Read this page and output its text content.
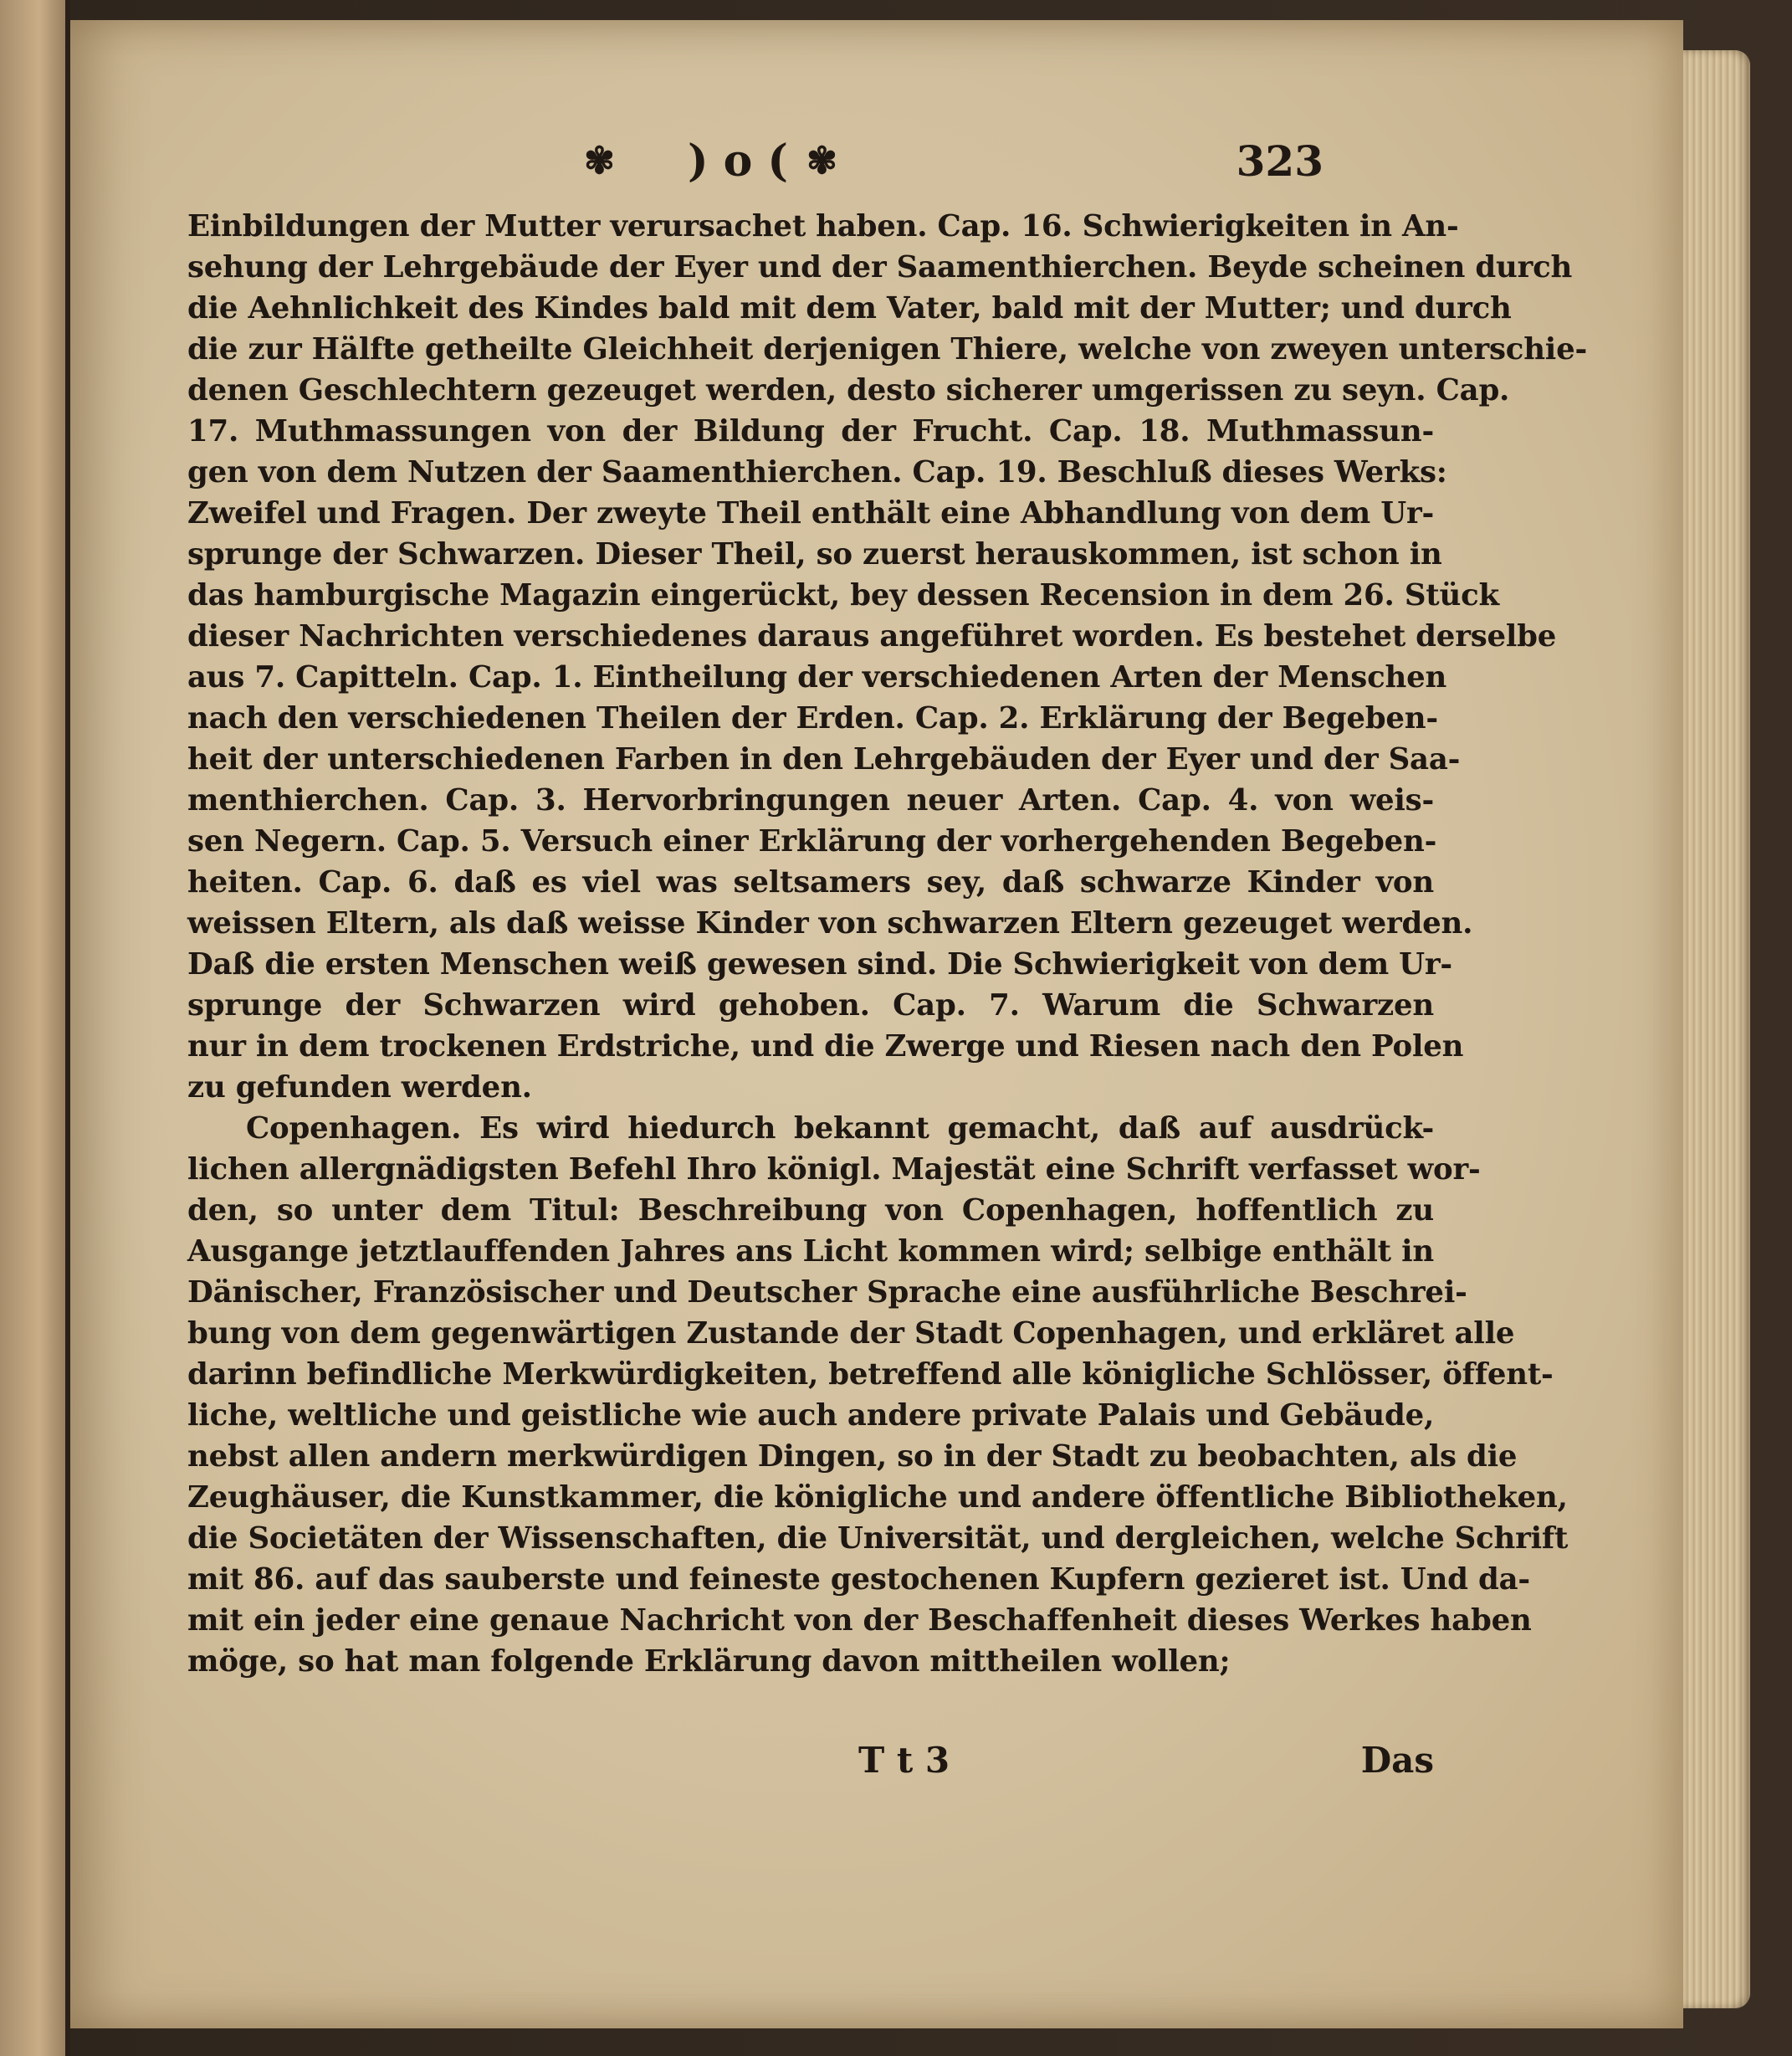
✾	) o ( ✾	323
Einbildungen der Mutter verursachet haben. Cap. 16. Schwierigkeiten in An-
sehung der Lehrgebäude der Eyer und der Saamenthierchen. Beyde scheinen durch
die Aehnlichkeit des Kindes bald mit dem Vater, bald mit der Mutter; und durch
die zur Hälfte getheilte Gleichheit derjenigen Thiere, welche von zweyen unterschie-
denen Geschlechtern gezeuget werden, desto sicherer umgerissen zu seyn. Cap.
17. Muthmassungen von der Bildung der Frucht. Cap. 18. Muthmassun-
gen von dem Nutzen der Saamenthierchen. Cap. 19. Beschluß dieses Werks:
Zweifel und Fragen. Der zweyte Theil enthält eine Abhandlung von dem Ur-
sprunge der Schwarzen. Dieser Theil, so zuerst herauskommen, ist schon in
das hamburgische Magazin eingerückt, bey dessen Recension in dem 26. Stück
dieser Nachrichten verschiedenes daraus angeführet worden. Es bestehet derselbe
aus 7. Capitteln. Cap. 1. Eintheilung der verschiedenen Arten der Menschen
nach den verschiedenen Theilen der Erden. Cap. 2. Erklärung der Begeben-
heit der unterschiedenen Farben in den Lehrgebäuden der Eyer und der Saa-
menthierchen. Cap. 3. Hervorbringungen neuer Arten. Cap. 4. von weis-
sen Negern. Cap. 5. Versuch einer Erklärung der vorhergehenden Begeben-
heiten. Cap. 6. daß es viel was seltsamers sey, daß schwarze Kinder von
weissen Eltern, als daß weisse Kinder von schwarzen Eltern gezeuget werden.
Daß die ersten Menschen weiß gewesen sind. Die Schwierigkeit von dem Ur-
sprunge der Schwarzen wird gehoben. Cap. 7. Warum die Schwarzen
nur in dem trockenen Erdstriche, und die Zwerge und Riesen nach den Polen
zu gefunden werden.
Copenhagen. Es wird hiedurch bekannt gemacht, daß auf ausdrück-
lichen allergnädigsten Befehl Ihro königl. Majestät eine Schrift verfasset wor-
den, so unter dem Titul: Beschreibung von Copenhagen, hoffentlich zu
Ausgange jetztlauffenden Jahres ans Licht kommen wird; selbige enthält in
Dänischer, Französischer und Deutscher Sprache eine ausführliche Beschrei-
bung von dem gegenwärtigen Zustande der Stadt Copenhagen, und erkläret alle
darinn befindliche Merkwürdigkeiten, betreffend alle königliche Schlösser, öffent-
liche, weltliche und geistliche wie auch andere private Palais und Gebäude,
nebst allen andern merkwürdigen Dingen, so in der Stadt zu beobachten, als die
Zeughäuser, die Kunstkammer, die königliche und andere öffentliche Bibliotheken,
die Societäten der Wissenschaften, die Universität, und dergleichen, welche Schrift
mit 86. auf das sauberste und feineste gestochenen Kupfern gezieret ist. Und da-
mit ein jeder eine genaue Nachricht von der Beschaffenheit dieses Werkes haben
möge, so hat man folgende Erklärung davon mittheilen wollen;
T t 3	Das
